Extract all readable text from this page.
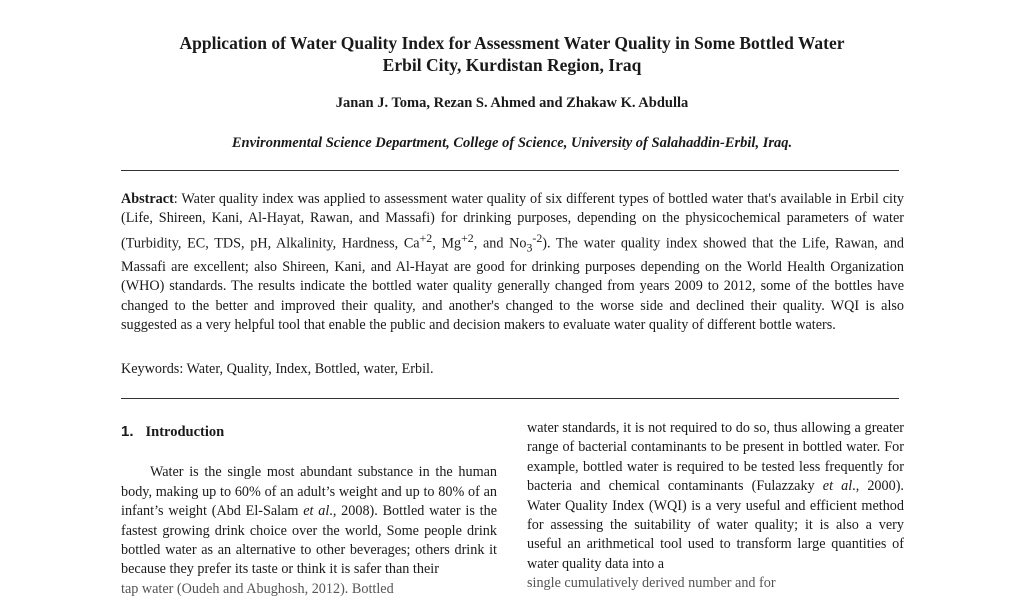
Application of Water Quality Index for Assessment Water Quality in Some Bottled Water
Erbil City, Kurdistan Region, Iraq
Janan J. Toma, Rezan S. Ahmed and Zhakaw K. Abdulla
Environmental Science Department, College of Science, University of Salahaddin-Erbil, Iraq.
Abstract: Water quality index was applied to assessment water quality of six different types of bottled water that's available in Erbil city (Life, Shireen, Kani, Al-Hayat, Rawan, and Massafi) for drinking purposes, depending on the physicochemical parameters of water (Turbidity, EC, TDS, pH, Alkalinity, Hardness, $Ca^{+2}$, $Mg^{+2}$, and $No_3^{-2}$). The water quality index showed that the Life, Rawan, and Massafi are excellent; also Shireen, Kani, and Al-Hayat are good for drinking purposes depending on the World Health Organization (WHO) standards. The results indicate the bottled water quality generally changed from years 2009 to 2012, some of the bottles have changed to the better and improved their quality, and another's changed to the worse side and declined their quality. WQI is also suggested as a very helpful tool that enable the public and decision makers to evaluate water quality of different bottle waters.
Keywords: Water, Quality, Index, Bottled, water, Erbil.
1. Introduction

Water is the single most abundant substance in the human body, making up to 60% of an adult’s weight and up to 80% of an infant’s weight (Abd El-Salam et al., 2008). Bottled water is the fastest growing drink choice over the world, Some people drink bottled water as an alternative to other beverages; others drink it because they prefer its taste or think it is safer than their

tap water (Oudeh and Abughosh, 2012). Bottled

water standards, it is not required to do so, thus allowing a greater range of bacterial contaminants to be present in bottled water. For example, bottled water is required to be tested less frequently for bacteria and chemical contaminants (Fulazzaky et al., 2000). Water Quality Index (WQI) is a very useful and efficient method for assessing the suitability of water quality; it is also a very useful an arithmetical tool used to transform large quantities of water quality data into a

single cumulatively derived number and for
